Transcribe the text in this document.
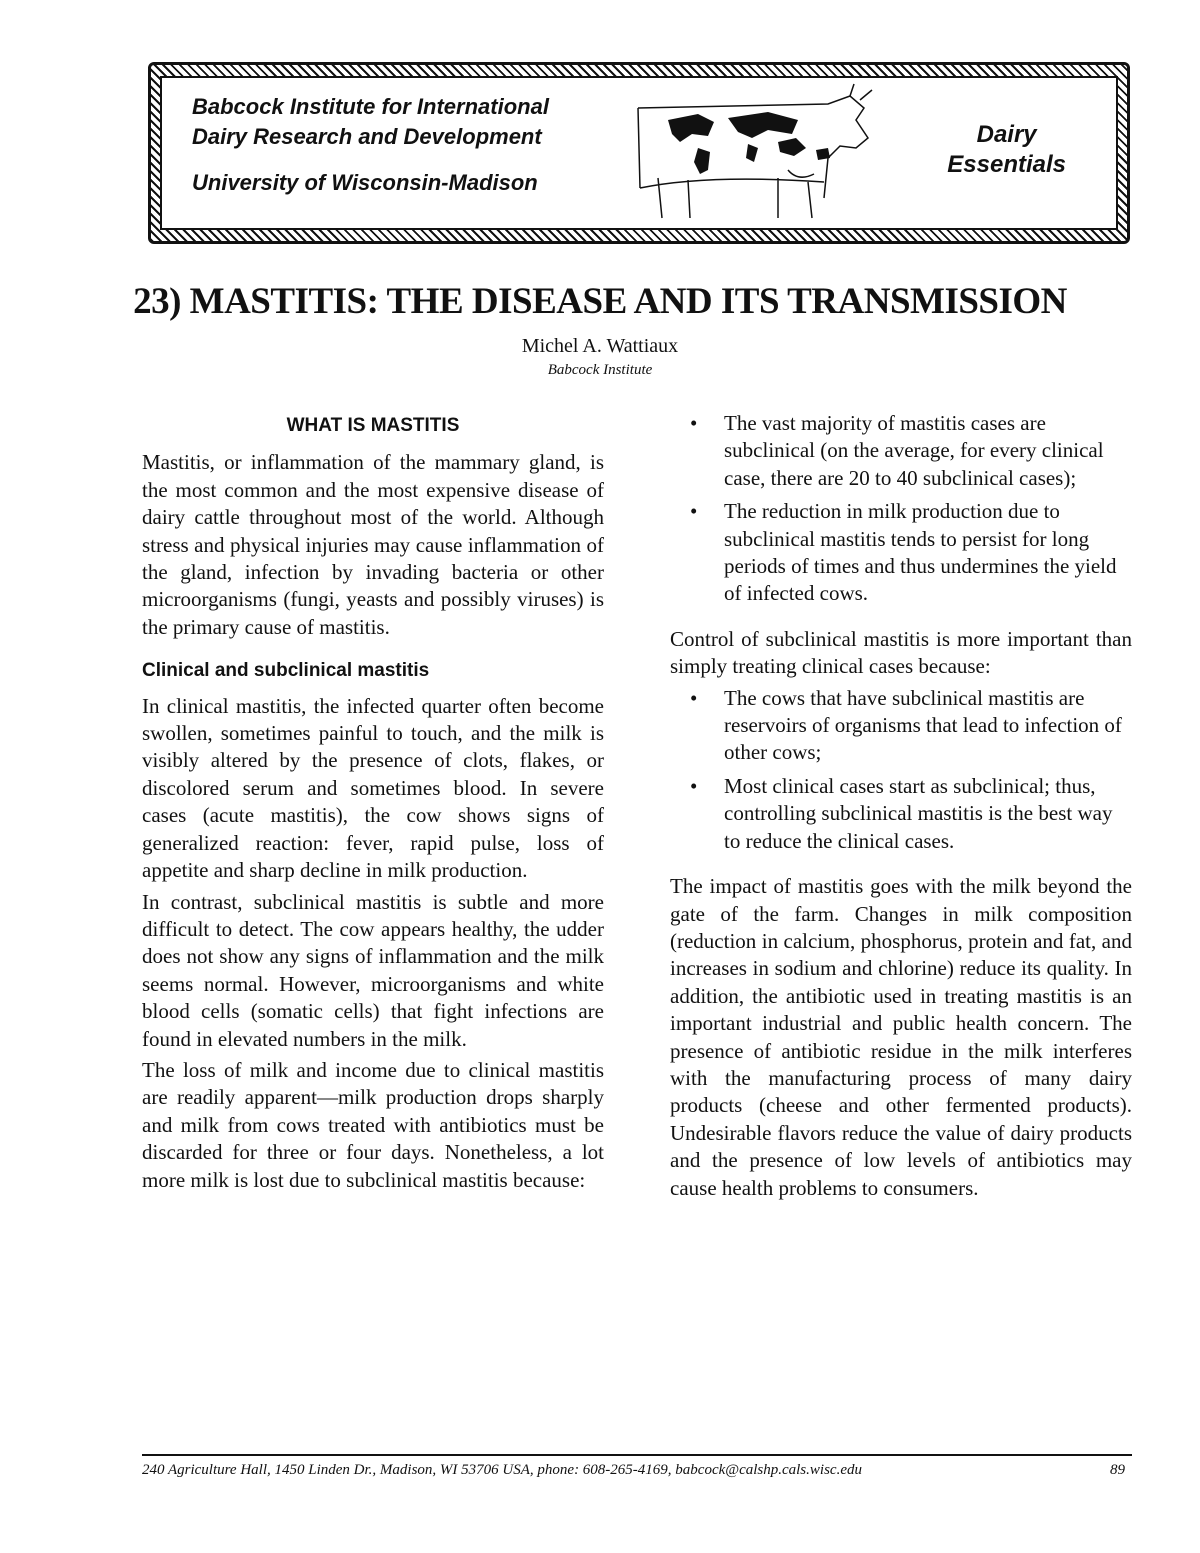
Babcock Institute for International
Dairy Research and Development
University of Wisconsin-Madison
Dairy
Essentials
23) MASTITIS: THE DISEASE AND ITS TRANSMISSION
Michel A. Wattiaux
Babcock Institute
WHAT IS MASTITIS

Mastitis, or inflammation of the mammary gland, is the most common and the most expensive disease of dairy cattle throughout most of the world. Although stress and physical injuries may cause inflammation of the gland, infection by invading bacteria or other microorganisms (fungi, yeasts and possibly viruses) is the primary cause of mastitis.

Clinical and subclinical mastitis

In clinical mastitis, the infected quarter often become swollen, sometimes painful to touch, and the milk is visibly altered by the presence of clots, flakes, or discolored serum and sometimes blood. In severe cases (acute mastitis), the cow shows signs of generalized reaction: fever, rapid pulse, loss of appetite and sharp decline in milk production.

In contrast, subclinical mastitis is subtle and more difficult to detect. The cow appears healthy, the udder does not show any signs of inflammation and the milk seems normal. However, microorganisms and white blood cells (somatic cells) that fight infections are found in elevated numbers in the milk.

The loss of milk and income due to clinical mastitis are readily apparent—milk production drops sharply and milk from cows treated with antibiotics must be discarded for three or four days. Nonetheless, a lot more milk is lost due to subclinical mastitis because:

• The vast majority of mastitis cases are subclinical (on the average, for every clinical case, there are 20 to 40 subclinical cases);
• The reduction in milk production due to subclinical mastitis tends to persist for long periods of times and thus undermines the yield of infected cows.

Control of subclinical mastitis is more important than simply treating clinical cases because:

• The cows that have subclinical mastitis are reservoirs of organisms that lead to infection of other cows;
• Most clinical cases start as subclinical; thus, controlling subclinical mastitis is the best way to reduce the clinical cases.

The impact of mastitis goes with the milk beyond the gate of the farm. Changes in milk composition (reduction in calcium, phosphorus, protein and fat, and increases in sodium and chlorine) reduce its quality. In addition, the antibiotic used in treating mastitis is an important industrial and public health concern. The presence of antibiotic residue in the milk interferes with the manufacturing process of many dairy products (cheese and other fermented products). Undesirable flavors reduce the value of dairy products and the presence of low levels of antibiotics may cause health problems to consumers.

240 Agriculture Hall, 1450 Linden Dr., Madison, WI 53706 USA, phone: 608-265-4169, babcock@calshp.cals.wisc.edu	89
